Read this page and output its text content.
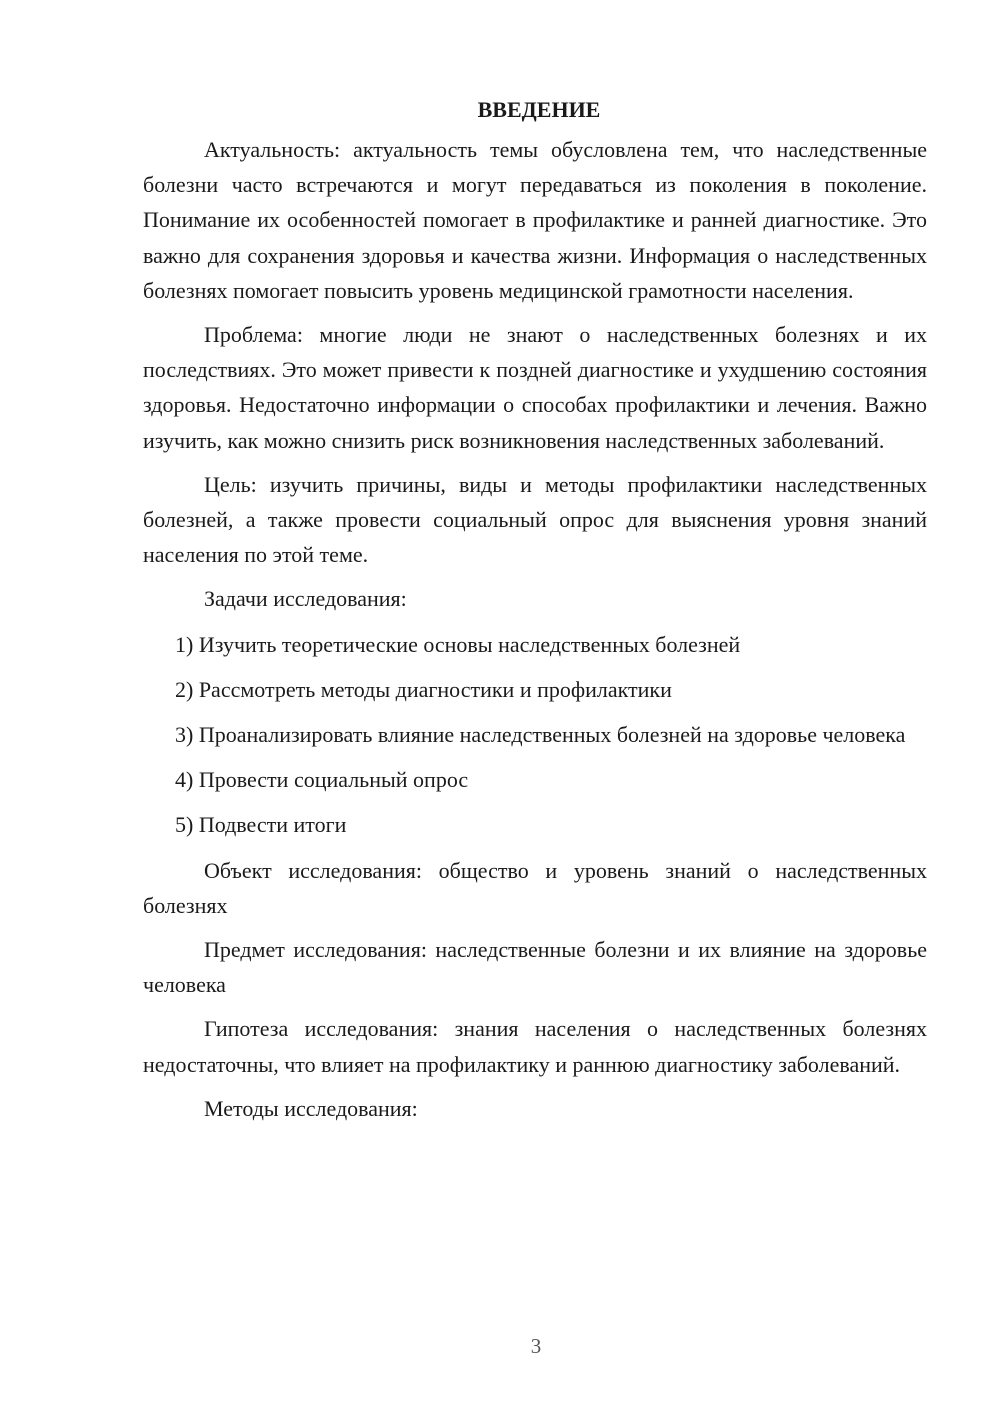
ВВЕДЕНИЕ

Актуальность: актуальность темы обусловлена тем, что наследственные болезни часто встречаются и могут передаваться из поколения в поколение. Понимание их особенностей помогает в профилактике и ранней диагностике. Это важно для сохранения здоровья и качества жизни. Информация о наследственных болезнях помогает повысить уровень медицинской грамотности населения.

Проблема: многие люди не знают о наследственных болезнях и их последствиях. Это может привести к поздней диагностике и ухудшению состояния здоровья. Недостаточно информации о способах профилактики и лечения. Важно изучить, как можно снизить риск возникновения наследственных заболеваний.

Цель: изучить причины, виды и методы профилактики наследственных болезней, а также провести социальный опрос для выяснения уровня знаний населения по этой теме.

Задачи исследования:

1) Изучить теоретические основы наследственных болезней

2) Рассмотреть методы диагностики и профилактики

3) Проанализировать влияние наследственных болезней на здоровье человека

4) Провести социальный опрос

5) Подвести итоги

Объект исследования: общество и уровень знаний о наследственных болезнях

Предмет исследования: наследственные болезни и их влияние на здоровье человека

Гипотеза исследования: знания населения о наследственных болезнях недостаточны, что влияет на профилактику и раннюю диагностику заболеваний.

Методы исследования:

3
